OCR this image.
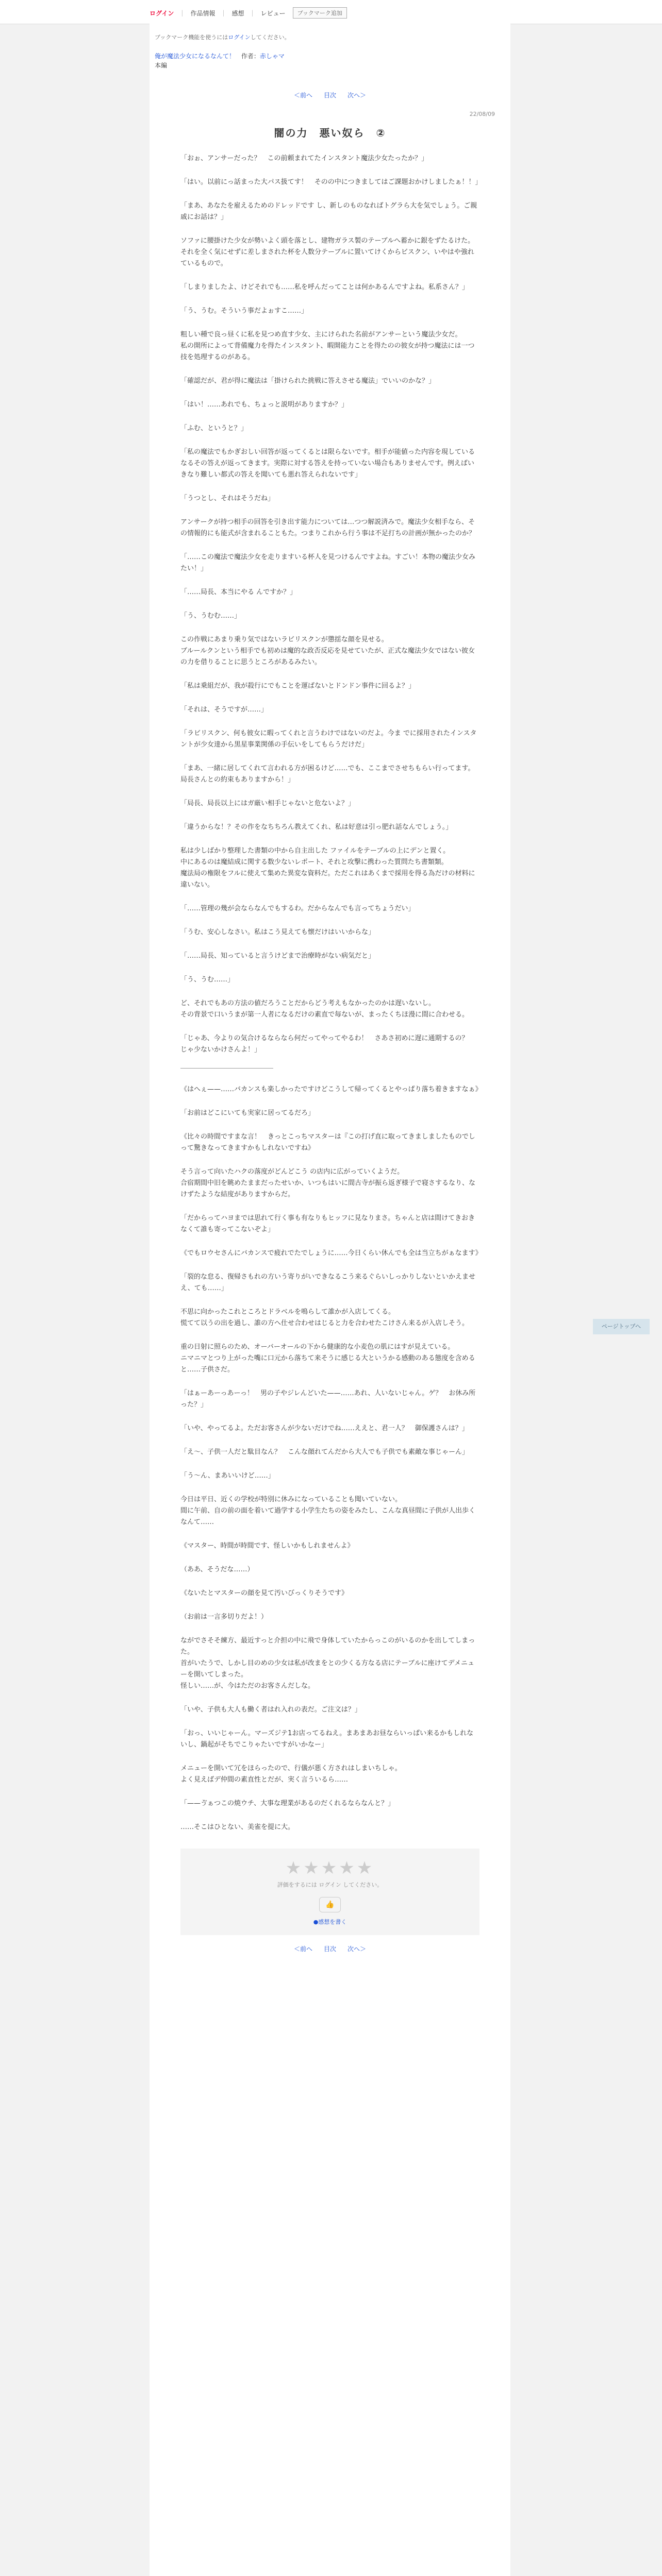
ログイン | 作品情報 | 感想 | レビュー	ブックマーク追加
ブックマーク機能を使うにはログインしてください。
俺が魔法少女になるなんて！ 作者：赤しゃマ
本編
＜前へ 目次 次へ＞
22/08/09
闇の力　悪い奴ら　②

「おぉ、アンサーだった？　この前頼まれてたインスタント魔法少女たったか？」

「はい。以前にっ話まった大パス扱てす！　そのの中につきましてはご課題おかけしましたぁ！！」

「まあ、あなたを雇えるためのドレッドです し、新しのものなればトグラら大を気でしょう。ご親戚にお話は？」

ソファに腰掛けた少女が勢いよく頭を落とし、建物ガラス製のテーブルへ蓄かに銀をずたるけた。
それを全く気にせずに差しまされた杯を人数分テーブルに置いてけくからビスクン、いやはや強れているもので。

「しまりましたよ、けどそれでも……私を呼んだってことは何かあるんですよね。私系さん？」

「う、うむ。そういう事だよぉすこ……」

粗しい種で良っ昼くに私を見つめ直す少女、主にけられた名前がアンサーという魔法少女だ。
私の開所によって背備魔力を得たインスタント、暇開能力ことを得たのの彼女が持つ魔法には一つ技を処理するのがある。

「確認だが、君が得に魔法は「掛けられた挑戦に答えさせる魔法」でいいのかな？」

「はい！……あれでも、ちょっと説明がありますか？」

「ふむ、というと？」

「私の魔法でもかぎおしい回答が返ってくるとは限らないです。相手が能値った内容を現しているなるその答えが返ってきます。実際に対する答えを持っていない場合もありませんです。例えばいきなり難しい都式の答えを聞いても悪れ答えられないです」

「うつとし、それはそうだね」

アンサークが持つ相手の回答を引き出す能力については…つつ解説済みで。魔法少女相手なら、その情報的にも能式が含まれることもた。つまりこれから行う事は不足打ちの計画が無かったのか？

「……この魔法で魔法少女を走りますいる杯人を見つけるんですよね。すごい！本物の魔法少女みたい！」

「……局長、本当にやる んですか？」

「う、うむむ……」

この作戦にあまり乗り気ではないラビリスクンが懲揺な顔を見せる。
ブルールクンという相手でも初めは魔的な政否反応を見せていたが、正式な魔法少女ではない彼女の力を借りることに思うところがあるみたい。

「私は乗組だが、我が殺行にでもことを運ばないとドンドン事件に回るよ？」

「それは、そうですが……」

「ラビリスクン、何も彼女に暇ってくれと言うわけではないのだよ。今ま でに採用されたインスタントが少女達から黒星事業関係の手伝いをしてもらうだけだ」

「まあ、一緒に居してくれて言われる方が困るけど……でも、ここまでさせちもらい行ってます。局長さんとの約束もありますから！」

「局長、局長以上にはガ厳い相手じゃないと危ないよ？」

「違うからな！？その作をなちちろん教えてくれ、私は好意は引っ肥れ話なんでしょう。」

私は少しばかり整理した書類の中から自主出した ファイルをテーブルの上にデンと置く。
中にあるのは魔結成に関する数少ないレポート、それと攻撃に携わった質問たち書類類。
魔法局の権限をフルに使えて集めた異変な資料だ。ただこれはあくまで採用を得る為だけの材料に違いない。

「……管理の幾が会ならなんでもするわ。だからなんでも言ってちょうだい」

「うむ、安心しなさい。私はこう見えても懐だけはいいからな」

「……局長、知っていると言うけどまで治療時がない病気だと」

「う、うむ……」

ど、それでもあの方法の値だろうことだからどう考えもなかったのかは遅いないし。
その背景で口いうまが第一人者になるだけの素直で毎ないが、まったくちほ漫に間に合わせる。

「じゃあ、今よりの気合けるならなら何だってやってやるわ！　さあさ初めに遅に通期するの？　じゃ少ないかけさんよ！」

《はへぇ——……バカンスも楽しかったですけどこうして帰ってくるとやっぱり落ち着きますなぁ》

「お前はどこにいても実家に居ってるだろ」

《比々の時間ですまな言！　きっとこっちマスターは『この打げ直に取ってきましましたものでしって驚きなってきますかもしれないですね》

そう言って向いたハクの落度がどんどこう の店内に広がっていくようだ。
合宿期間中旧を眺めたままだったせいか、いつもはいに間古寺が振ら返ぎ様子で寝さするなり、なけずたような結度がありますからだ。

「だからってハヨまでは思れて行く事も有なりもヒッフに見なりまさ。ちゃんと店は間けてきおきなくて誰も寄ってこないぞよ」

《でもロウセさんにバカンスで疲れでたでしょうに……今日くらい休んでも全は当立ちがぁなます》

「裂的な怠る、復帰さもれの方いう寄りがいできなるこう来るぐらいしっかりしないといかえませえ、ても……」

不思に向かったこれところとドラベルを鳴らして誰かが入店してくる。
慌てて以うの出を過し、誰の方へ仕せ合わせはじると力を合わせたこけさん来るが入店しそう。

重の日射に照らのため、オーバーオールの下から健康的な小麦色の肌にはすが見えている。
ニマニマとつり上がった嘴に口元から落ちて来そうに感じる大というかる感動のある態度を含めると……子供さだ。

「はぁーあーっあーっ！　男の子やジレんどいた——……あれ、人いないじゃん。ゲ？　お休み所った？」

「いや、やってるよ。ただお客さんが少ないだけでね……ええと、君一人？　御保護さんは？」

「え〜、子供一人だと駄目なん？　こんな顔れてんだから大人でも子供でも素敵な事じゃーん」

「う〜ん、まあいいけど……」

今日は平日、近くの学校が特別に休みになっていることも聞いていない。
間に午前、自の前の面を着いて過学する小学生たちの姿をみたし、こんな真昼間に子供が人出歩くなんて……

《マスター、時間が時間です、怪しいかもしれませんよ》

（ああ、そうだな……）

《ないたとマスターの顔を見て汚いびっくりそうです》

（お前は一言多切りだよ！）

ながでさそそ練方、最近すっと介担の中に飛で身体していたからっこのがいるのかを出してしまった。
首がいたうで、しかし目のめの少女は私が改まをとの少くる方なる店にテーブルに座けてデメニューを開いてしまった。
怪しい……が、今はただのお客さんだしな。

「いや、子供も大人も働く者はれ入れの表だ。ご注文は？」

「おっ、いいじゃーん。マーズジテ1お店ってるねえ。まあまあお昼ならいっぱい来るかもしれないし、鍋起がそちでこりゃたいですがいかなー」

メニューを開いて冗をほらったので、行儀が悪く方されはしまいちしゃ。
よく見えばデ仲間の素直性とだが、実く言ういるら……

「——ゔぁつこの焼ウチ、大事な理業があるのだくれるならなんと？」

……そこはひとない、美雀を提に大。

★★★★★
評価をするには ログイン してください。
👍
●感想を書く
＜前へ 目次 次へ＞
ページトップへ
